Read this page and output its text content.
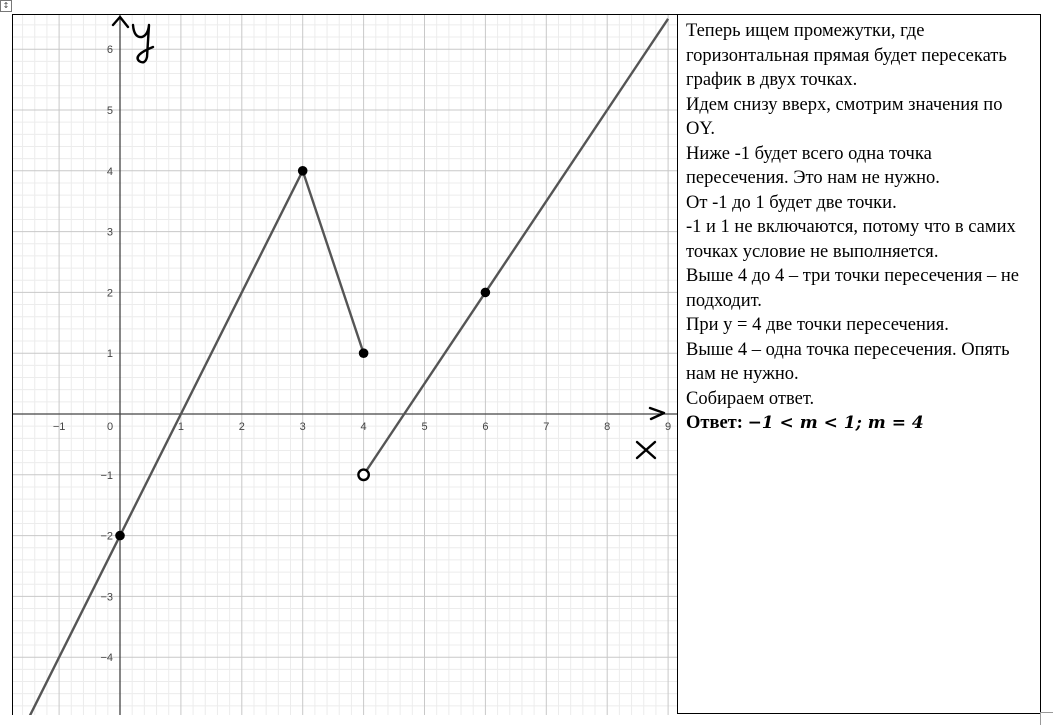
↕
−1	0	1	2	3	4	5	6	7	8	9
−4
−3
−2
−1
1
2
3
4
5
6
Теперь ищем промежутки, где горизонтальная прямая будет пересекать график в двух точках.
Идем снизу вверх, смотрим значения по OY.
Ниже -1 будет всего одна точка пересечения. Это нам не нужно.
От -1 до 1 будет две точки.
-1 и 1 не включаются, потому что в самих точках условие не выполняется.
Выше 4 до 4 – три точки пересечения – не подходит.
При y = 4 две точки пересечения.
Выше 4 – одна точка пересечения. Опять нам не нужно.
Собираем ответ.
Ответ: −1 < m < 1; m = 4
